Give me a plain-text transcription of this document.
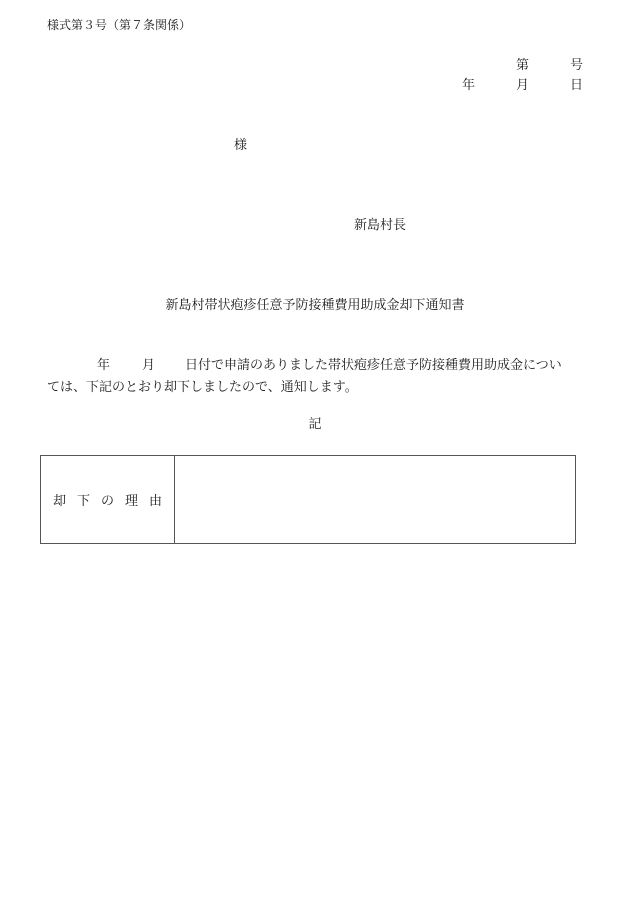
様式第３号（第７条関係）
第	号
年	月	日
様
新島村長
新島村帯状疱疹任意予防接種費用助成金却下通知書
年 月 日付で申請のありました帯状疱疹任意予防接種費用助成金につい
ては、下記のとおり却下しましたので、通知します。
記
却下の理由
